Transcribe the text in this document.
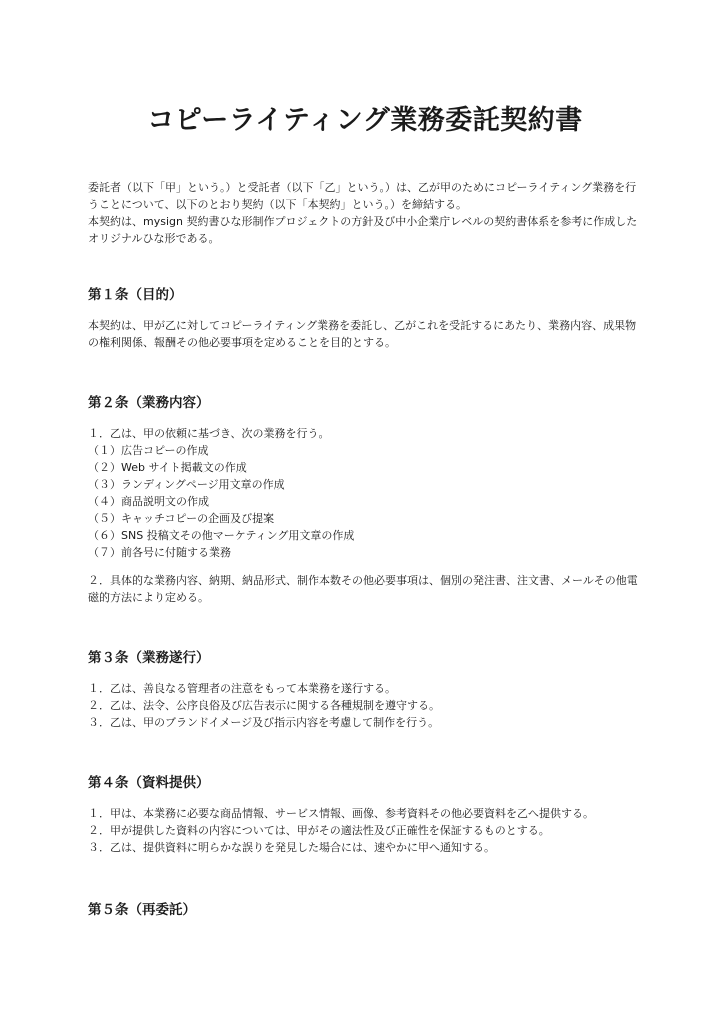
コピーライティング業務委託契約書

委託者（以下「甲」という。）と受託者（以下「乙」という。）は、乙が甲のためにコピーライティング業務を行うことについて、以下のとおり契約（以下「本契約」という。）を締結する。

本契約は、mysign 契約書ひな形制作プロジェクトの方針及び中小企業庁レベルの契約書体系を参考に作成したオリジナルひな形である。

第１条（目的）

本契約は、甲が乙に対してコピーライティング業務を委託し、乙がこれを受託するにあたり、業務内容、成果物の権利関係、報酬その他必要事項を定めることを目的とする。

第２条（業務内容）

１．乙は、甲の依頼に基づき、次の業務を行う。

（１）広告コピーの作成
（２）Web サイト掲載文の作成
（３）ランディングページ用文章の作成
（４）商品説明文の作成
（５）キャッチコピーの企画及び提案
（６）SNS 投稿文その他マーケティング用文章の作成
（７）前各号に付随する業務

２．具体的な業務内容、納期、納品形式、制作本数その他必要事項は、個別の発注書、注文書、メールその他電磁的方法により定める。

第３条（業務遂行）
１．乙は、善良なる管理者の注意をもって本業務を遂行する。
２．乙は、法令、公序良俗及び広告表示に関する各種規制を遵守する。
３．乙は、甲のブランドイメージ及び指示内容を考慮して制作を行う。
第４条（資料提供）
１．甲は、本業務に必要な商品情報、サービス情報、画像、参考資料その他必要資料を乙へ提供する。
２．甲が提供した資料の内容については、甲がその適法性及び正確性を保証するものとする。
３．乙は、提供資料に明らかな誤りを発見した場合には、速やかに甲へ通知する。
第５条（再委託）
